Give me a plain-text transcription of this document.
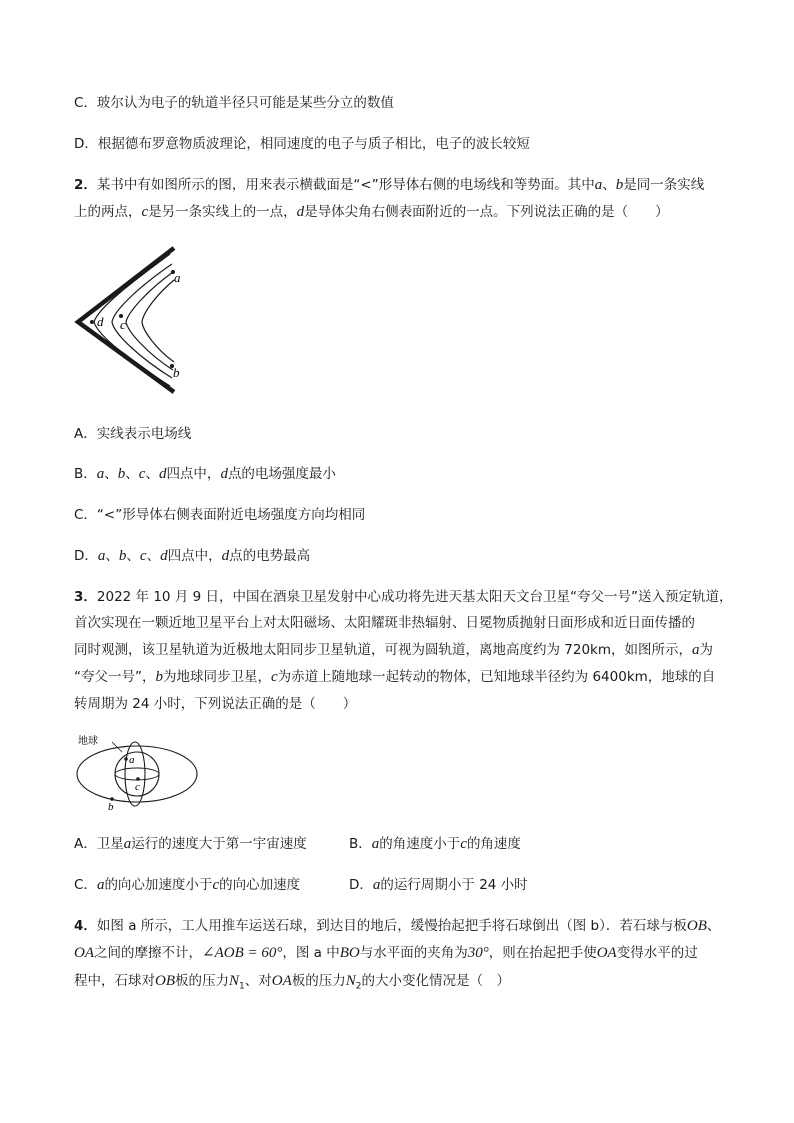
C．玻尔认为电子的轨道半径只可能是某些分立的数值
D．根据德布罗意物质波理论，相同速度的电子与质子相比，电子的波长较短
2．某书中有如图所示的图，用来表示横截面是“<”形导体右侧的电场线和等势面。其中a、b是同一条实线
上的两点，c是另一条实线上的一点，d是导体尖角右侧表面附近的一点。下列说法正确的是（　　）
a
b
c
d
A．实线表示电场线
B．a、b、c、d四点中，d点的电场强度最小
C．“<”形导体右侧表面附近电场强度方向均相同
D．a、b、c、d四点中，d点的电势最高
3．2022 年 10 月 9 日，中国在酒泉卫星发射中心成功将先进天基太阳天文台卫星“夸父一号”送入预定轨道，
首次实现在一颗近地卫星平台上对太阳磁场、太阳耀斑非热辐射、日冕物质抛射日面形成和近日面传播的
同时观测，该卫星轨道为近极地太阳同步卫星轨道，可视为圆轨道，离地高度约为 720km，如图所示，a为
“夸父一号”，b为地球同步卫星，c为赤道上随地球一起转动的物体，已知地球半径约为 6400km，地球的自
转周期为 24 小时，下列说法正确的是（　　）
地球
a
c
b
A．卫星a运行的速度大于第一宇宙速度	B．a的角速度小于c的角速度
C．a的向心加速度小于c的向心加速度	D．a的运行周期小于 24 小时
4．如图 a 所示，工人用推车运送石球，到达目的地后，缓慢抬起把手将石球倒出（图 b）．若石球与板OB、
OA之间的摩擦不计，∠AOB = 60°，图 a 中BO与水平面的夹角为30°，则在抬起把手使OA变得水平的过
程中，石球对OB板的压力$N_1$、对OA板的压力$N_2$的大小变化情况是（　）
